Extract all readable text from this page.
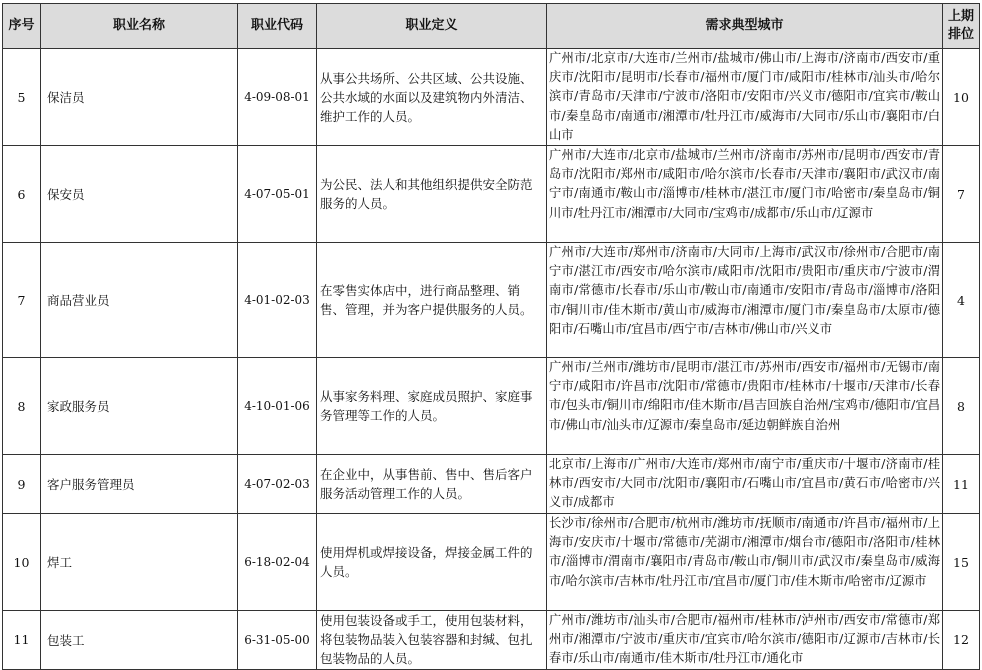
序号	职业名称	职业代码	职业定义	需求典型城市	上期
排位
5	保洁员	4-09-08-01	从事公共场所、公共区域、公共设施、公共水域的水面以及建筑物内外清洁、维护工作的人员。	广州市/北京市/大连市/兰州市/盐城市/佛山市/上海市/济南市/西安市/重庆市/沈阳市/昆明市/长春市/福州市/厦门市/咸阳市/桂林市/汕头市/哈尔滨市/青岛市/天津市/宁波市/洛阳市/安阳市/兴义市/德阳市/宜宾市/鞍山市/秦皇岛市/南通市/湘潭市/牡丹江市/威海市/大同市/乐山市/襄阳市/白山市	10
6	保安员	4-07-05-01	为公民、法人和其他组织提供安全防范服务的人员。	广州市/大连市/北京市/盐城市/兰州市/济南市/苏州市/昆明市/西安市/青岛市/沈阳市/郑州市/咸阳市/哈尔滨市/长春市/天津市/襄阳市/武汉市/南宁市/南通市/鞍山市/淄博市/桂林市/湛江市/厦门市/哈密市/秦皇岛市/铜川市/牡丹江市/湘潭市/大同市/宝鸡市/成都市/乐山市/辽源市	7
7	商品营业员	4-01-02-03	在零售实体店中，进行商品整理、销售、管理，并为客户提供服务的人员。	广州市/大连市/郑州市/济南市/大同市/上海市/武汉市/徐州市/合肥市/南宁市/湛江市/西安市/哈尔滨市/咸阳市/沈阳市/贵阳市/重庆市/宁波市/渭南市/常德市/长春市/乐山市/鞍山市/南通市/安阳市/青岛市/淄博市/洛阳市/铜川市/佳木斯市/黄山市/威海市/湘潭市/厦门市/秦皇岛市/太原市/德阳市/石嘴山市/宜昌市/西宁市/吉林市/佛山市/兴义市	4
8	家政服务员	4-10-01-06	从事家务料理、家庭成员照护、家庭事务管理等工作的人员。	广州市/兰州市/潍坊市/昆明市/湛江市/苏州市/西安市/福州市/无锡市/南宁市/咸阳市/许昌市/沈阳市/常德市/贵阳市/桂林市/十堰市/天津市/长春市/包头市/铜川市/绵阳市/佳木斯市/昌吉回族自治州/宝鸡市/德阳市/宜昌市/佛山市/汕头市/辽源市/秦皇岛市/延边朝鲜族自治州	8
9	客户服务管理员	4-07-02-03	在企业中，从事售前、售中、售后客户服务活动管理工作的人员。	北京市/上海市/广州市/大连市/郑州市/南宁市/重庆市/十堰市/济南市/桂林市/西安市/大同市/沈阳市/襄阳市/石嘴山市/宜昌市/黄石市/哈密市/兴义市/成都市	11
10	焊工	6-18-02-04	使用焊机或焊接设备，焊接金属工件的人员。	长沙市/徐州市/合肥市/杭州市/潍坊市/抚顺市/南通市/许昌市/福州市/上海市/安庆市/十堰市/常德市/芜湖市/湘潭市/烟台市/德阳市/洛阳市/桂林市/淄博市/渭南市/襄阳市/青岛市/鞍山市/铜川市/武汉市/秦皇岛市/威海市/哈尔滨市/吉林市/牡丹江市/宜昌市/厦门市/佳木斯市/哈密市/辽源市	15
11	包装工	6-31-05-00	使用包装设备或手工，使用包装材料，将包装物品装入包装容器和封缄、包扎包装物品的人员。	广州市/潍坊市/汕头市/合肥市/福州市/桂林市/泸州市/西安市/常德市/郑州市/湘潭市/宁波市/重庆市/宜宾市/哈尔滨市/德阳市/辽源市/吉林市/长春市/乐山市/南通市/佳木斯市/牡丹江市/通化市	12
